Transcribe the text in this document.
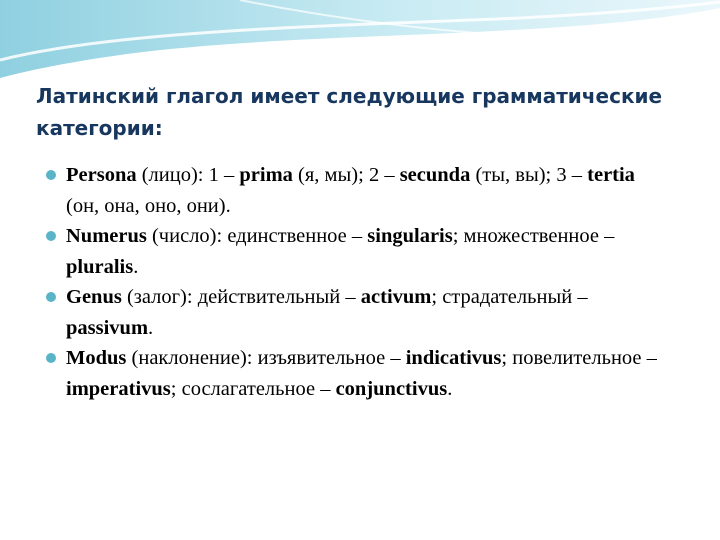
Латинский глагол имеет следующие грамматические категории:
Persona (лицо): 1 – prima (я, мы); 2 – secunda (ты, вы); 3 – tertia (он, она, оно, они).
Numerus (число): единственное – singularis; множественное – pluralis.
Genus (залог): действительный – activum; страдательный – passivum.
Modus (наклонение): изъявительное – indicativus; повелительное – imperativus; сослагательное – conjunctivus.
